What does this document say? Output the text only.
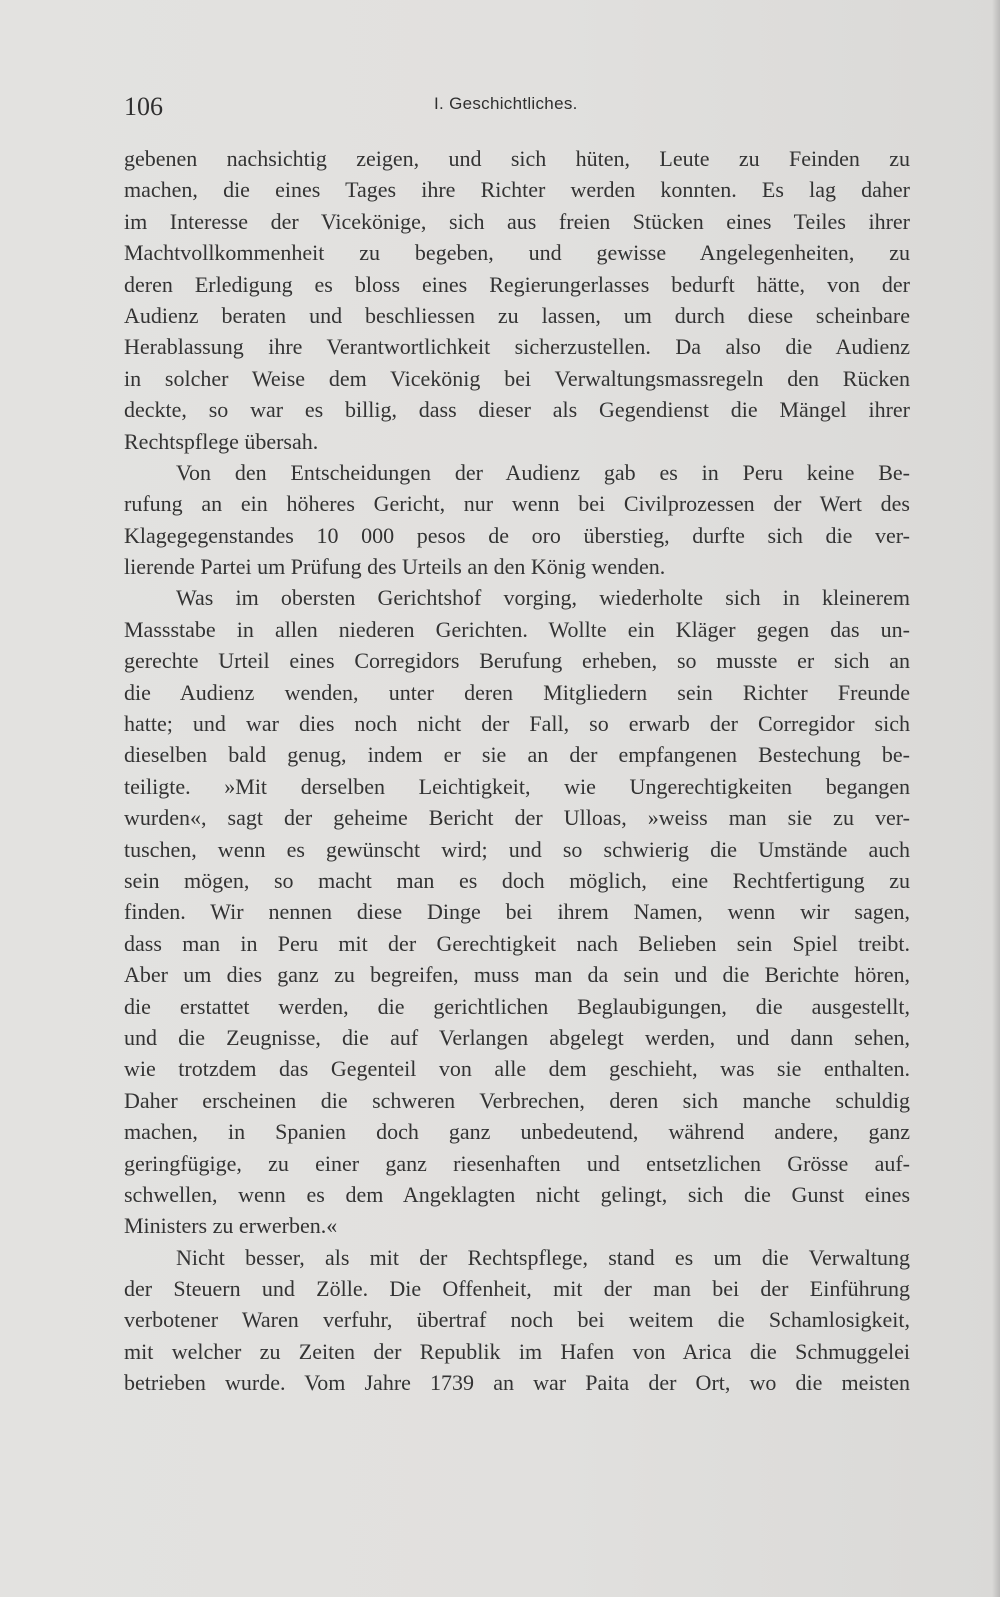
106	I. Geschichtliches.
gebenen nachsichtig zeigen, und sich hüten, Leute zu Feinden zu
machen, die eines Tages ihre Richter werden konnten. Es lag daher
im Interesse der Vicekönige, sich aus freien Stücken eines Teiles ihrer
Machtvollkommenheit zu begeben, und gewisse Angelegenheiten, zu
deren Erledigung es bloss eines Regierungerlasses bedurft hätte, von der
Audienz beraten und beschliessen zu lassen, um durch diese scheinbare
Herablassung ihre Verantwortlichkeit sicherzustellen. Da also die Audienz
in solcher Weise dem Vicekönig bei Verwaltungsmassregeln den Rücken
deckte, so war es billig, dass dieser als Gegendienst die Mängel ihrer
Rechtspflege übersah.
Von den Entscheidungen der Audienz gab es in Peru keine Be-
rufung an ein höheres Gericht, nur wenn bei Civilprozessen der Wert des
Klagegegenstandes 10 000 pesos de oro überstieg, durfte sich die ver-
lierende Partei um Prüfung des Urteils an den König wenden.
Was im obersten Gerichtshof vorging, wiederholte sich in kleinerem
Massstabe in allen niederen Gerichten. Wollte ein Kläger gegen das un-
gerechte Urteil eines Corregidors Berufung erheben, so musste er sich an
die Audienz wenden, unter deren Mitgliedern sein Richter Freunde
hatte; und war dies noch nicht der Fall, so erwarb der Corregidor sich
dieselben bald genug, indem er sie an der empfangenen Bestechung be-
teiligte. »Mit derselben Leichtigkeit, wie Ungerechtigkeiten begangen
wurden«, sagt der geheime Bericht der Ulloas, »weiss man sie zu ver-
tuschen, wenn es gewünscht wird; und so schwierig die Umstände auch
sein mögen, so macht man es doch möglich, eine Rechtfertigung zu
finden. Wir nennen diese Dinge bei ihrem Namen, wenn wir sagen,
dass man in Peru mit der Gerechtigkeit nach Belieben sein Spiel treibt.
Aber um dies ganz zu begreifen, muss man da sein und die Berichte hören,
die erstattet werden, die gerichtlichen Beglaubigungen, die ausgestellt,
und die Zeugnisse, die auf Verlangen abgelegt werden, und dann sehen,
wie trotzdem das Gegenteil von alle dem geschieht, was sie enthalten.
Daher erscheinen die schweren Verbrechen, deren sich manche schuldig
machen, in Spanien doch ganz unbedeutend, während andere, ganz
geringfügige, zu einer ganz riesenhaften und entsetzlichen Grösse auf-
schwellen, wenn es dem Angeklagten nicht gelingt, sich die Gunst eines
Ministers zu erwerben.«
Nicht besser, als mit der Rechtspflege, stand es um die Verwaltung
der Steuern und Zölle. Die Offenheit, mit der man bei der Einführung
verbotener Waren verfuhr, übertraf noch bei weitem die Schamlosigkeit,
mit welcher zu Zeiten der Republik im Hafen von Arica die Schmuggelei
betrieben wurde. Vom Jahre 1739 an war Paita der Ort, wo die meisten
